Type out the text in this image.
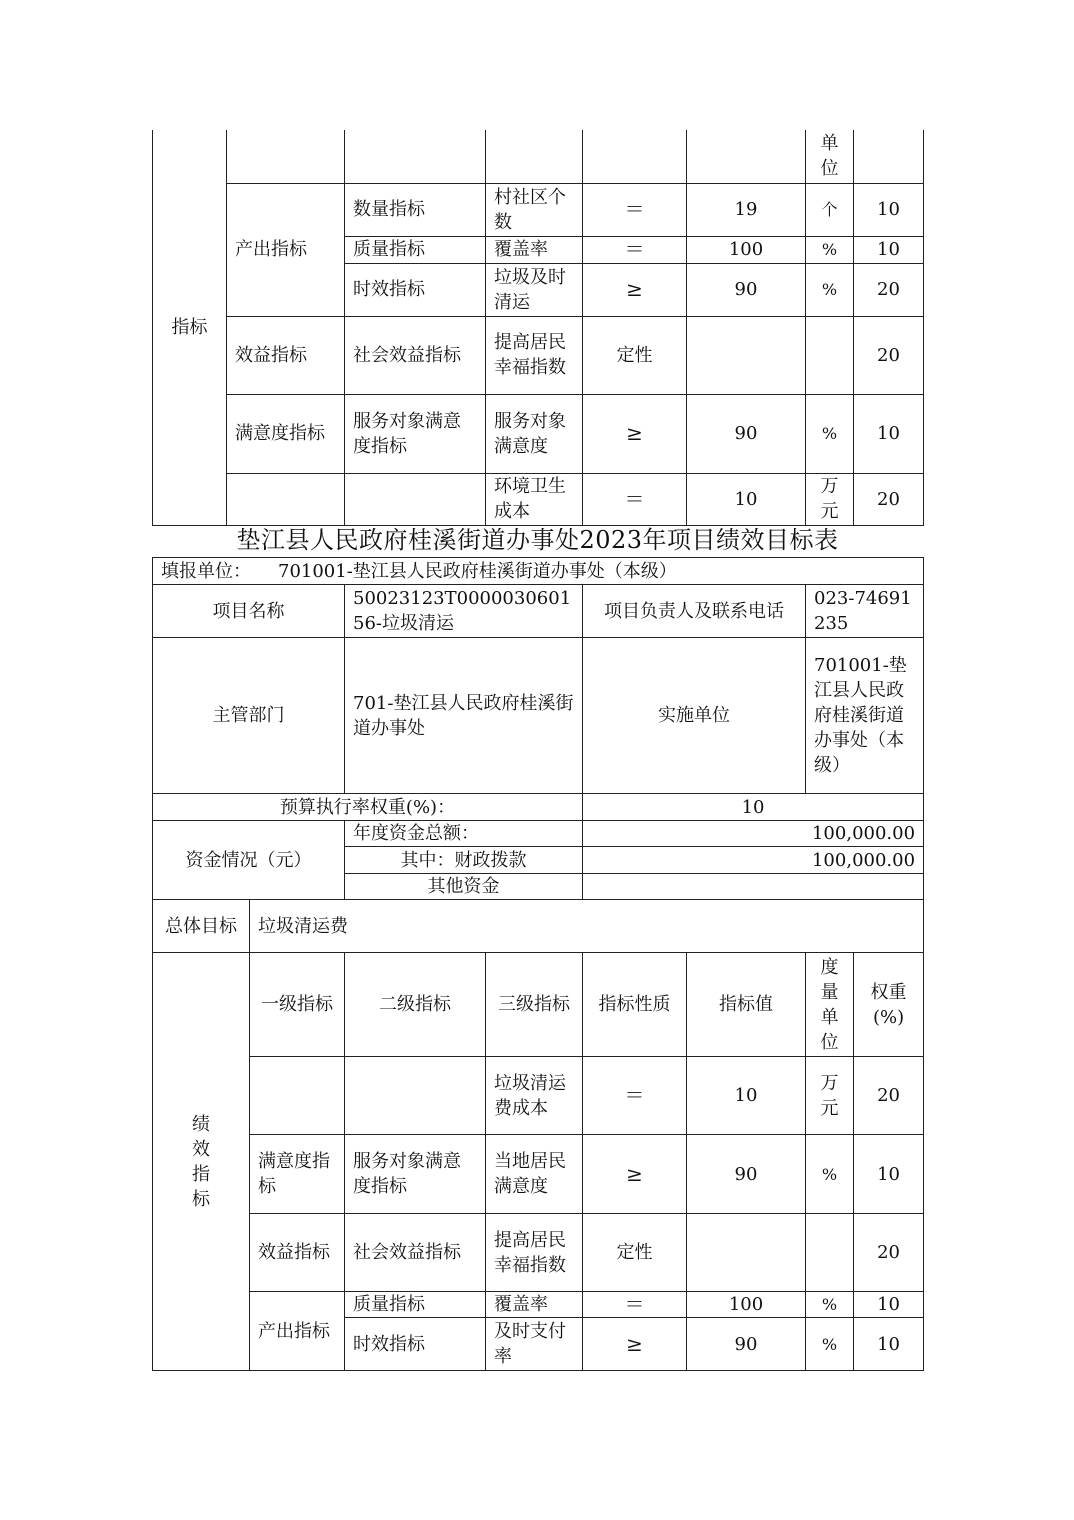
指标						单位	
	产出指标	数量指标	村社区个数	＝	19	个	10
		质量指标	覆盖率	＝	100	%	10
		时效指标	垃圾及时清运	≥	90	%	20
	效益指标	社会效益指标	提高居民幸福指数	定性			20
	满意度指标	服务对象满意度指标	服务对象满意度	≥	90	%	10
			环境卫生成本	＝	10	万元	20
垫江县人民政府桂溪街道办事处2023年项目绩效目标表
填报单位：　　701001-垫江县人民政府桂溪街道办事处（本级）							
项目名称		50023123T000003060156-垃圾清运		项目负责人及联系电话		023-74691235	
主管部门		701-垫江县人民政府桂溪街道办事处		实施单位		701001-垫江县人民政府桂溪街道办事处（本级）	
预算执行率权重(%)：				10			
资金情况（元）		年度资金总额：		100,000.00			
		其中：财政拨款		100,000.00			
		其他资金					
总体目标	垃圾清运费						
绩效指标	一级指标	二级指标	三级指标	指标性质	指标值	度量单位	权重(%)
			垃圾清运费成本	＝	10	万元	20
	满意度指标	服务对象满意度指标	当地居民满意度	≥	90	%	10
	效益指标	社会效益指标	提高居民幸福指数	定性			20
	产出指标	质量指标	覆盖率	＝	100	%	10
		时效指标	及时支付率	≥	90	%	10
